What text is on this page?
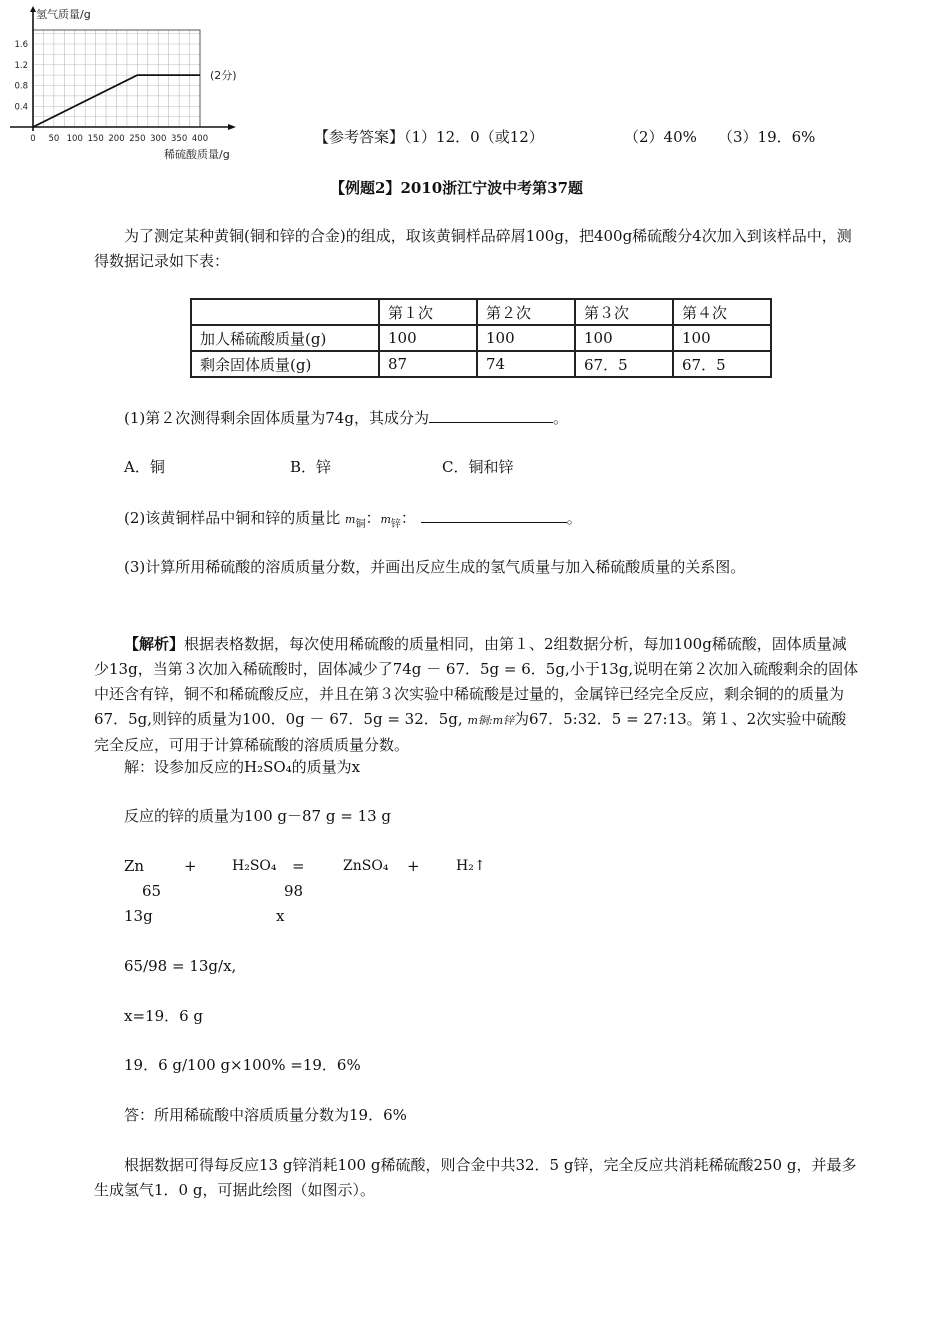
0 50 100 150 200 250 300 350 400
0.4
0.8
1.2
1.6
氢气质量/g
稀硫酸质量/g
(2分)
【参考答案】（1）12．0（或12）	（2）40% （3）19．6%
【例题2】2010浙江宁波中考第37题
为了测定某种黄铜(铜和锌的合金)的组成，取该黄铜样品碎屑100g，把400g稀硫酸分4次加入到该样品中，测得数据记录如下表：
	第１次	第２次	第３次	第４次
加人稀硫酸质量(g)	100	100	100	100
剩余固体质量(g)	87	74	67．5	67．5
(1)第２次测得剩余固体质量为74g，其成分为	。
A．铜	B．锌	C．铜和锌
(2)该黄铜样品中铜和锌的质量比 $m_铜$：$m_锌$：	。
(3)计算所用稀硫酸的溶质质量分数，并画出反应生成的氢气质量与加入稀硫酸质量的关系图。
【解析】根据表格数据，每次使用稀硫酸的质量相同，由第１、2组数据分析，每加100g稀硫酸，固体质量减少13g，当第３次加入稀硫酸时，固体减少了74g － 67．5g = 6．5g,小于13g,说明在第２次加入硫酸剩余的固体中还含有锌，铜不和稀硫酸反应，并且在第３次实验中稀硫酸是过量的，金属锌已经完全反应，剩余铜的的质量为67．5g,则锌的质量为100．0g － 67．5g = 32．5g, m铜:m锌为67．5:32．5 = 27:13。第１、2次实验中硫酸完全反应，可用于计算稀硫酸的溶质质量分数。
解：设参加反应的H₂SO₄的质量为x
反应的锌的质量为100 g－87 g = 13 g
Zn	+	H₂SO₄ =	ZnSO₄ +	H₂↑
65	98
13g	x
65/98 = 13g/x,
x=19．6 g
19．6 g/100 g×100% =19．6%
答：所用稀硫酸中溶质质量分数为19．6%
根据数据可得每反应13 g锌消耗100 g稀硫酸，则合金中共32．5 g锌，完全反应共消耗稀硫酸250 g，并最多生成氢气1．0 g，可据此绘图（如图示）。
